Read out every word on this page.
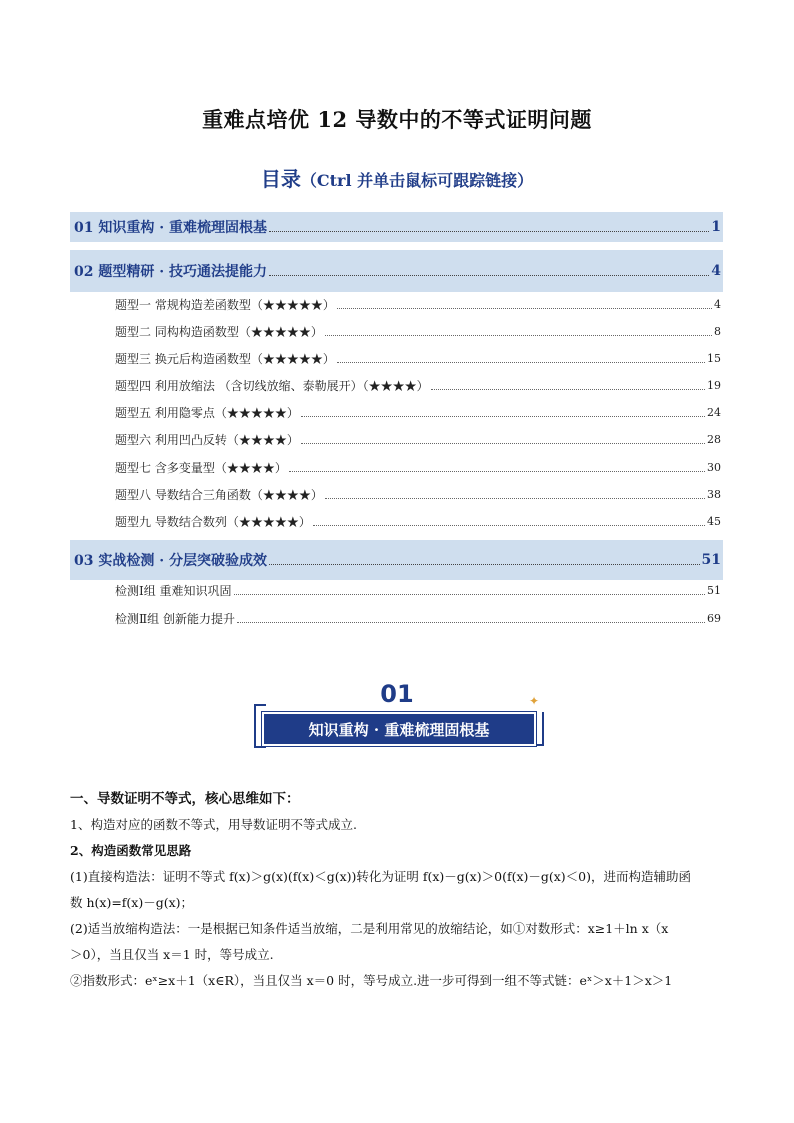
重难点培优 12 导数中的不等式证明问题
目录（Ctrl 并单击鼠标可跟踪链接）
01 知识重构 · 重难梳理固根基	1
02 题型精研 · 技巧通法提能力	4
题型一 常规构造差函数型（★★★★★）	4
题型二 同构构造函数型（★★★★★）	8
题型三 换元后构造函数型（★★★★★）	15
题型四 利用放缩法 （含切线放缩、泰勒展开）（★★★★）	19
题型五 利用隐零点（★★★★★）	24
题型六 利用凹凸反转（★★★★）	28
题型七 含多变量型（★★★★）	30
题型八 导数结合三角函数（★★★★）	38
题型九 导数结合数列（★★★★★）	45
03 实战检测 · 分层突破验成效	51
检测Ⅰ组 重难知识巩固	51
检测Ⅱ组 创新能力提升	69
01	✦
知识重构 · 重难梳理固根基
一、导数证明不等式，核心思维如下：
1、构造对应的函数不等式，用导数证明不等式成立.
2、构造函数常见思路
(1)直接构造法：证明不等式 f(x)＞g(x)(f(x)＜g(x))转化为证明 f(x)－g(x)＞0(f(x)－g(x)＜0)，进而构造辅助函
数 h(x)=f(x)－g(x)；
(2)适当放缩构造法：一是根据已知条件适当放缩，二是利用常见的放缩结论，如①对数形式：x≥1＋ln x（x
＞0），当且仅当 x＝1 时，等号成立.
②指数形式：eˣ≥x＋1（x∈R），当且仅当 x＝0 时，等号成立.进一步可得到一组不等式链：eˣ＞x＋1＞x＞1
